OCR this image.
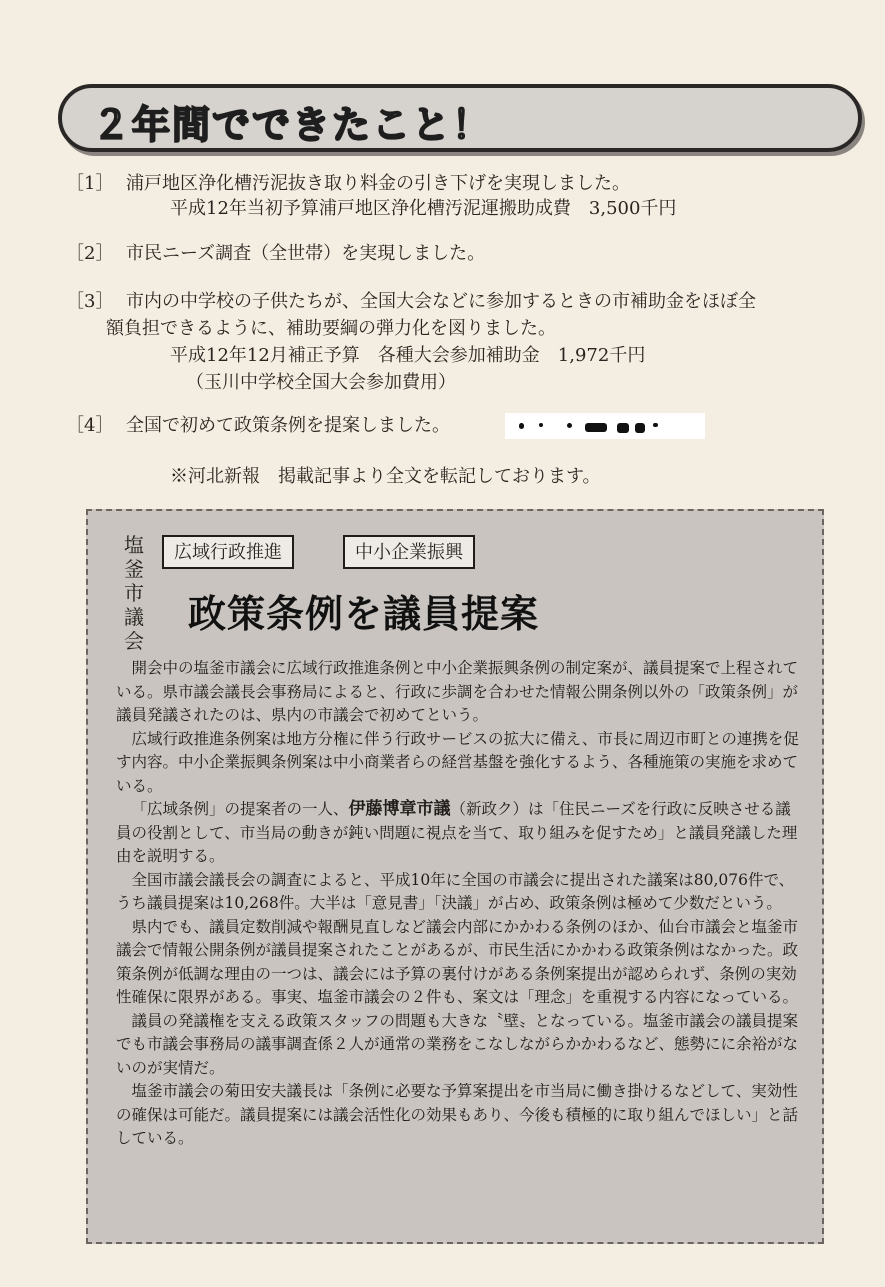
２年間でできたこと！
［1］ 浦戸地区浄化槽汚泥抜き取り料金の引き下げを実現しました。
平成12年当初予算浦戸地区浄化槽汚泥運搬助成費　3,500千円
［2］ 市民ニーズ調査（全世帯）を実現しました。
［3］ 市内の中学校の子供たちが、全国大会などに参加するときの市補助金をほぼ全
額負担できるように、補助要綱の弾力化を図りました。
平成12年12月補正予算　各種大会参加補助金　1,972千円
（玉川中学校全国大会参加費用）
［4］ 全国で初めて政策条例を提案しました。
※河北新報　掲載記事より全文を転記しております。
塩
釜
市
議
会
広域行政推進	中小企業振興
政策条例を議員提案

開会中の塩釜市議会に広域行政推進条例と中小企業振興条例の制定案が、議員提案で上程されている。県市議会議長会事務局によると、行政に歩調を合わせた情報公開条例以外の「政策条例」が議員発議されたのは、県内の市議会で初めてという。

広域行政推進条例案は地方分権に伴う行政サービスの拡大に備え、市長に周辺市町との連携を促す内容。中小企業振興条例案は中小商業者らの経営基盤を強化するよう、各種施策の実施を求めている。

「広域条例」の提案者の一人、伊藤博章市議（新政ク）は「住民ニーズを行政に反映させる議員の役割として、市当局の動きが鈍い問題に視点を当て、取り組みを促すため」と議員発議した理由を説明する。

全国市議会議長会の調査によると、平成10年に全国の市議会に提出された議案は80,076件で、うち議員提案は10,268件。大半は「意見書」「決議」が占め、政策条例は極めて少数だという。

県内でも、議員定数削減や報酬見直しなど議会内部にかかわる条例のほか、仙台市議会と塩釜市議会で情報公開条例が議員提案されたことがあるが、市民生活にかかわる政策条例はなかった。政策条例が低調な理由の一つは、議会には予算の裏付けがある条例案提出が認められず、条例の実効性確保に限界がある。事実、塩釜市議会の２件も、案文は「理念」を重視する内容になっている。

議員の発議権を支える政策スタッフの問題も大きな〝壁〟となっている。塩釜市議会の議員提案でも市議会事務局の議事調査係２人が通常の業務をこなしながらかかわるなど、態勢にに余裕がないのが実情だ。

塩釜市議会の菊田安夫議長は「条例に必要な予算案提出を市当局に働き掛けるなどして、実効性の確保は可能だ。議員提案には議会活性化の効果もあり、今後も積極的に取り組んでほしい」と話している。
